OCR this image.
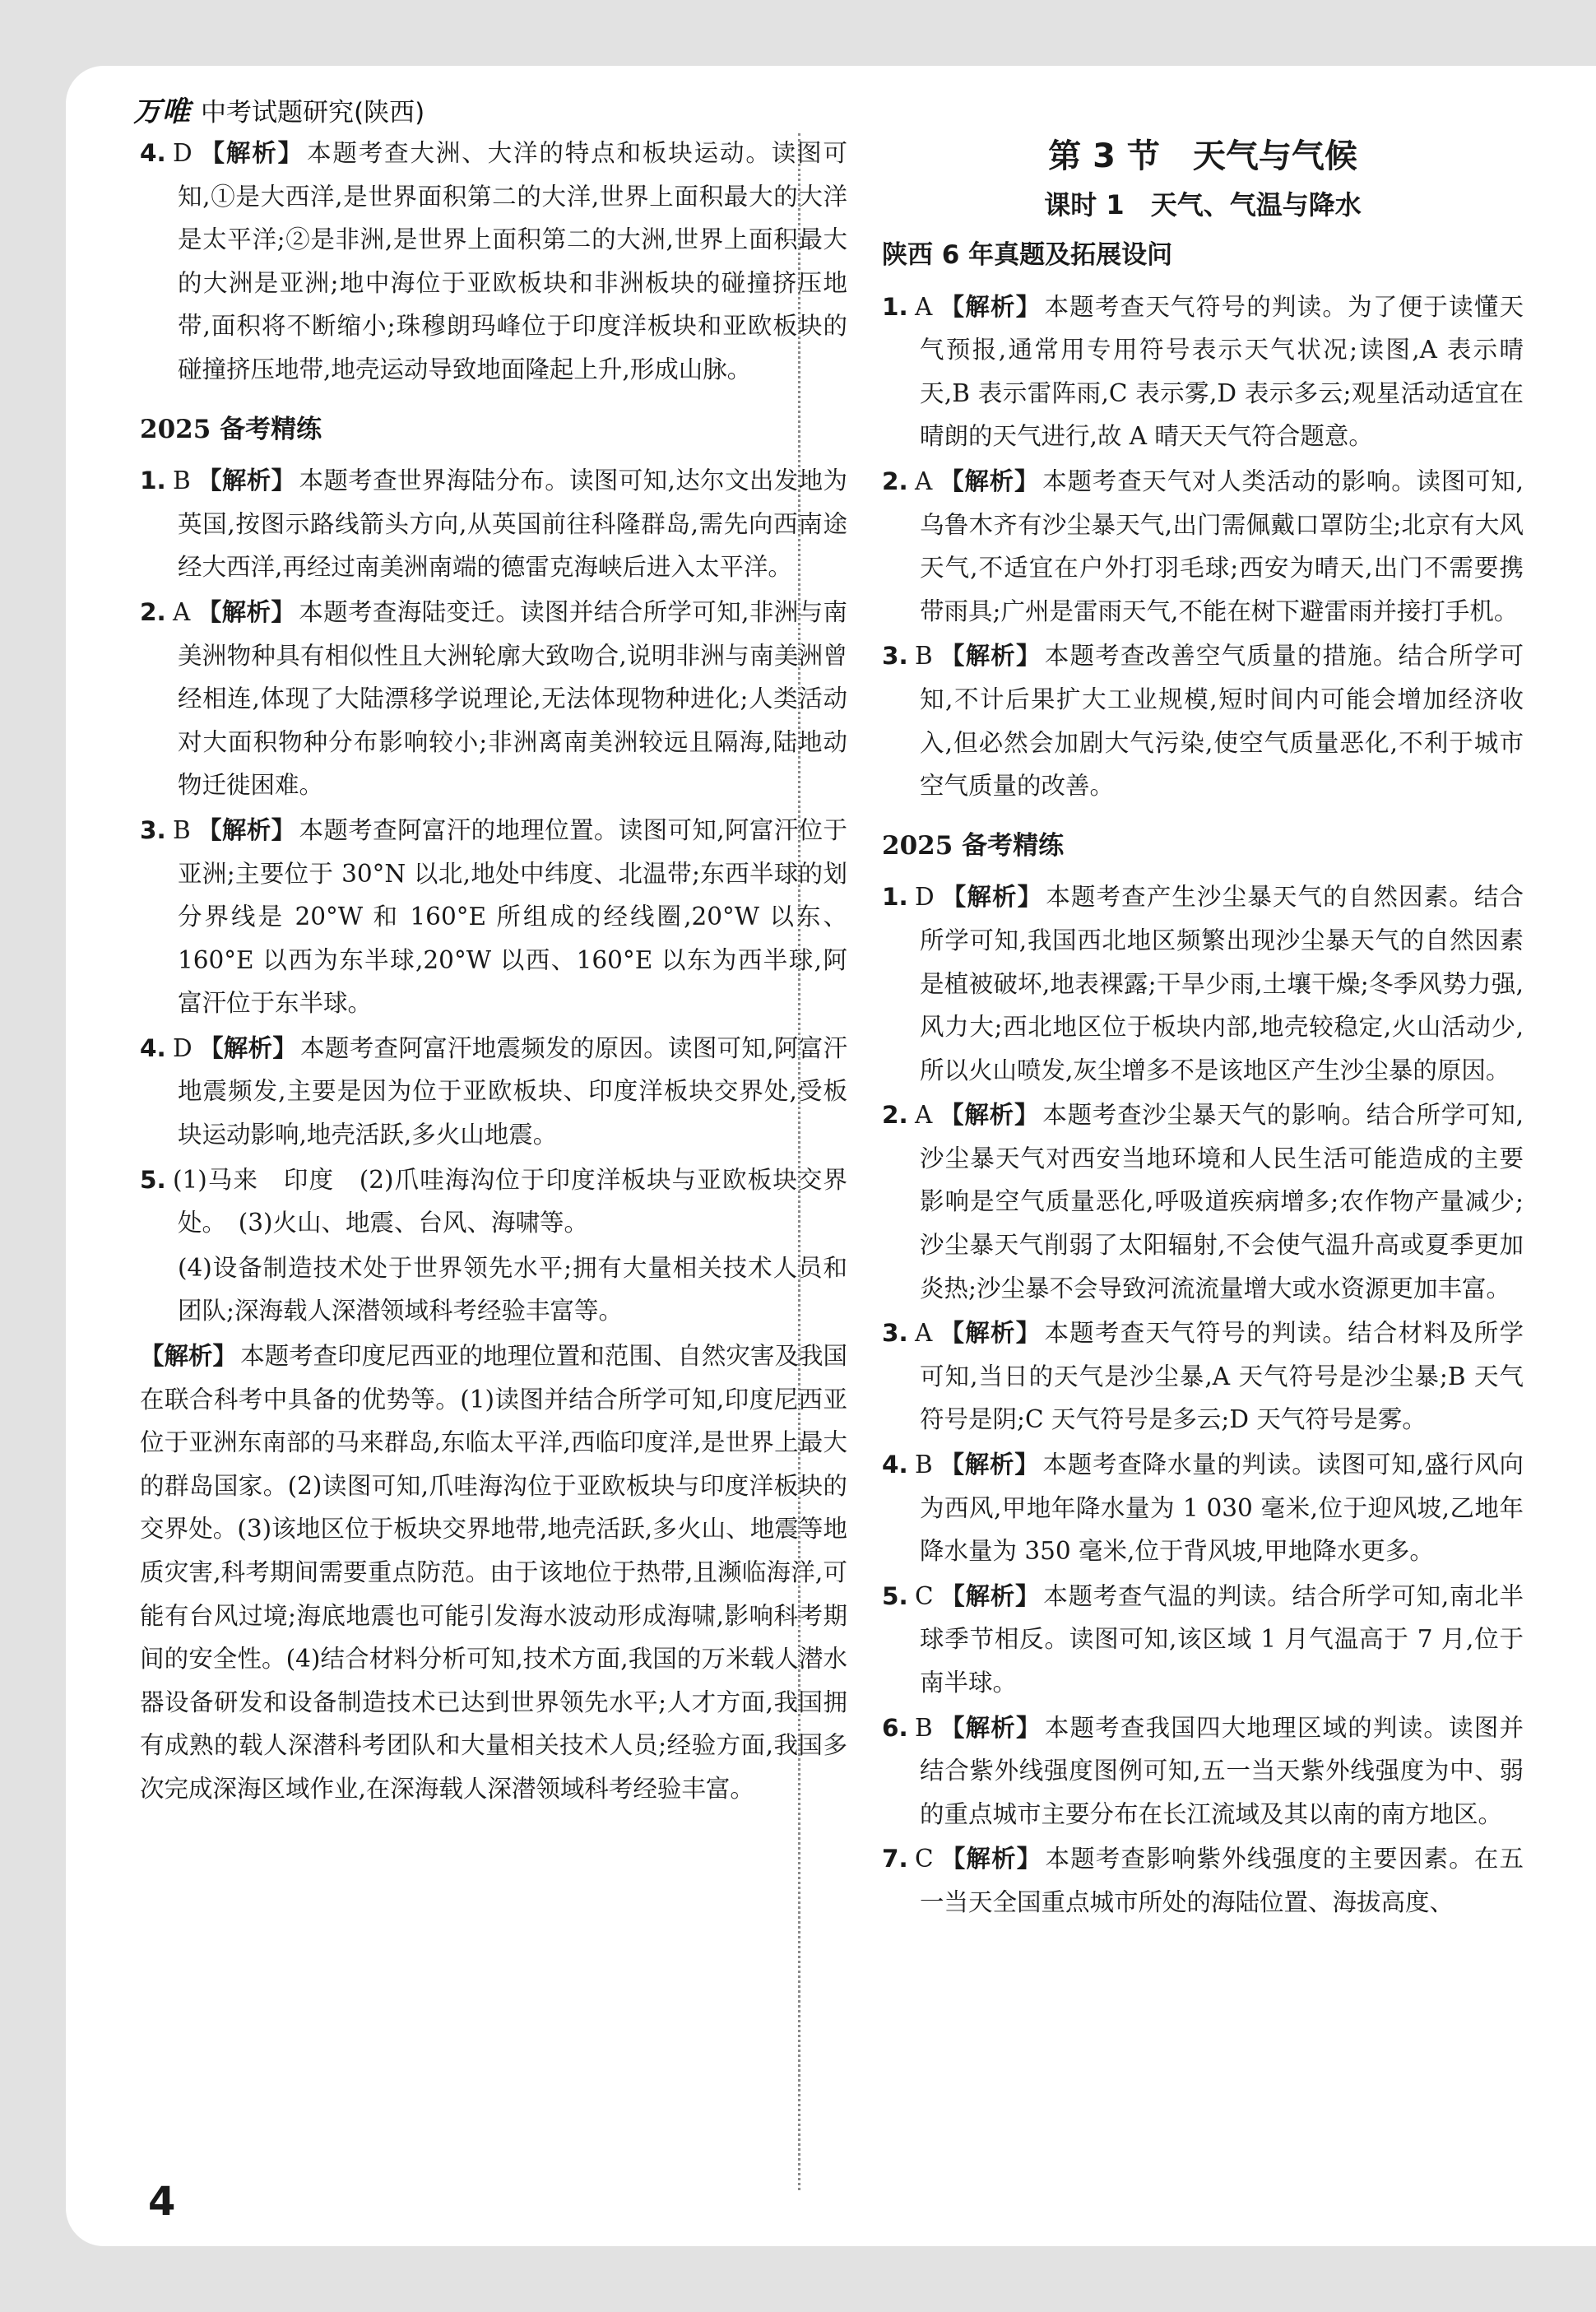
万唯 中考试题研究(陕西)

4. D 【解析】 本题考查大洲、大洋的特点和板块运动。读图可知,①是大西洋,是世界面积第二的大洋,世界上面积最大的大洋是太平洋;②是非洲,是世界上面积第二的大洲,世界上面积最大的大洲是亚洲;地中海位于亚欧板块和非洲板块的碰撞挤压地带,面积将不断缩小;珠穆朗玛峰位于印度洋板块和亚欧板块的碰撞挤压地带,地壳运动导致地面隆起上升,形成山脉。

2025 备考精练

1. B 【解析】 本题考查世界海陆分布。读图可知,达尔文出发地为英国,按图示路线箭头方向,从英国前往科隆群岛,需先向西南途经大西洋,再经过南美洲南端的德雷克海峡后进入太平洋。

2. A 【解析】 本题考查海陆变迁。读图并结合所学可知,非洲与南美洲物种具有相似性且大洲轮廓大致吻合,说明非洲与南美洲曾经相连,体现了大陆漂移学说理论,无法体现物种进化;人类活动对大面积物种分布影响较小;非洲离南美洲较远且隔海,陆地动物迁徙困难。

3. B 【解析】 本题考查阿富汗的地理位置。读图可知,阿富汗位于亚洲;主要位于 30°N 以北,地处中纬度、北温带;东西半球的划分界线是 20°W 和 160°E 所组成的经线圈,20°W 以东、160°E 以西为东半球,20°W 以西、160°E 以东为西半球,阿富汗位于东半球。

4. D 【解析】 本题考查阿富汗地震频发的原因。读图可知,阿富汗地震频发,主要是因为位于亚欧板块、印度洋板块交界处,受板块运动影响,地壳活跃,多火山地震。

5. (1)马来　印度　(2)爪哇海沟位于印度洋板块与亚欧板块交界处。　(3)火山、地震、台风、海啸等。

(4)设备制造技术处于世界领先水平;拥有大量相关技术人员和团队;深海载人深潜领域科考经验丰富等。

【解析】 本题考查印度尼西亚的地理位置和范围、自然灾害及我国在联合科考中具备的优势等。(1)读图并结合所学可知,印度尼西亚位于亚洲东南部的马来群岛,东临太平洋,西临印度洋,是世界上最大的群岛国家。(2)读图可知,爪哇海沟位于亚欧板块与印度洋板块的交界处。(3)该地区位于板块交界地带,地壳活跃,多火山、地震等地质灾害,科考期间需要重点防范。由于该地位于热带,且濒临海洋,可能有台风过境;海底地震也可能引发海水波动形成海啸,影响科考期间的安全性。(4)结合材料分析可知,技术方面,我国的万米载人潜水器设备研发和设备制造技术已达到世界领先水平;人才方面,我国拥有成熟的载人深潜科考团队和大量相关技术人员;经验方面,我国多次完成深海区域作业,在深海载人深潜领域科考经验丰富。

第 3 节　天气与气候
课时 1　天气、气温与降水
陕西 6 年真题及拓展设问

1. A 【解析】 本题考查天气符号的判读。为了便于读懂天气预报,通常用专用符号表示天气状况;读图,A 表示晴天,B 表示雷阵雨,C 表示雾,D 表示多云;观星活动适宜在晴朗的天气进行,故 A 晴天天气符合题意。

2. A 【解析】 本题考查天气对人类活动的影响。读图可知,乌鲁木齐有沙尘暴天气,出门需佩戴口罩防尘;北京有大风天气,不适宜在户外打羽毛球;西安为晴天,出门不需要携带雨具;广州是雷雨天气,不能在树下避雷雨并接打手机。

3. B 【解析】 本题考查改善空气质量的措施。结合所学可知,不计后果扩大工业规模,短时间内可能会增加经济收入,但必然会加剧大气污染,使空气质量恶化,不利于城市空气质量的改善。

2025 备考精练

1. D 【解析】 本题考查产生沙尘暴天气的自然因素。结合所学可知,我国西北地区频繁出现沙尘暴天气的自然因素是植被破坏,地表裸露;干旱少雨,土壤干燥;冬季风势力强,风力大;西北地区位于板块内部,地壳较稳定,火山活动少,所以火山喷发,灰尘增多不是该地区产生沙尘暴的原因。

2. A 【解析】 本题考查沙尘暴天气的影响。结合所学可知,沙尘暴天气对西安当地环境和人民生活可能造成的主要影响是空气质量恶化,呼吸道疾病增多;农作物产量减少;沙尘暴天气削弱了太阳辐射,不会使气温升高或夏季更加炎热;沙尘暴不会导致河流流量增大或水资源更加丰富。

3. A 【解析】 本题考查天气符号的判读。结合材料及所学可知,当日的天气是沙尘暴,A 天气符号是沙尘暴;B 天气符号是阴;C 天气符号是多云;D 天气符号是雾。

4. B 【解析】 本题考查降水量的判读。读图可知,盛行风向为西风,甲地年降水量为 1 030 毫米,位于迎风坡,乙地年降水量为 350 毫米,位于背风坡,甲地降水更多。

5. C 【解析】 本题考查气温的判读。结合所学可知,南北半球季节相反。读图可知,该区域 1 月气温高于 7 月,位于南半球。

6. B 【解析】 本题考查我国四大地理区域的判读。读图并结合紫外线强度图例可知,五一当天紫外线强度为中、弱的重点城市主要分布在长江流域及其以南的南方地区。

7. C 【解析】 本题考查影响紫外线强度的主要因素。在五一当天全国重点城市所处的海陆位置、海拔高度、

4
